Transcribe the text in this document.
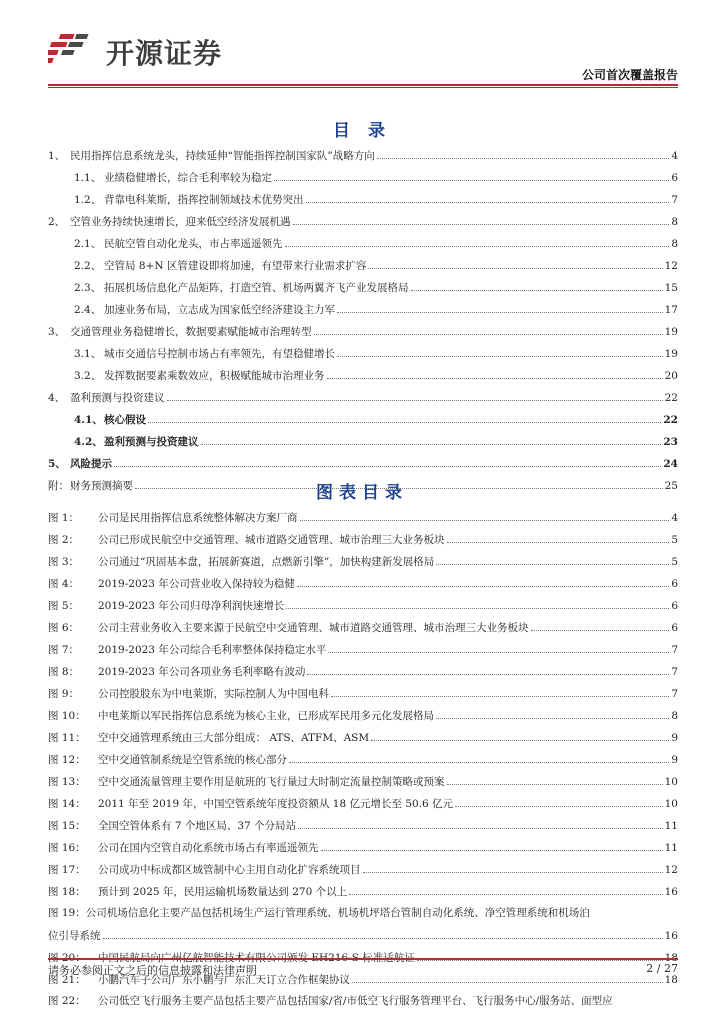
开源证券
公司首次覆盖报告
目 录
1、 民用指挥信息系统龙头，持续延伸“智能指挥控制国家队”战略方向	4
1.1、 业绩稳健增长，综合毛利率较为稳定	6
1.2、 背靠电科莱斯，指挥控制领域技术优势突出	7
2、 空管业务持续快速增长，迎来低空经济发展机遇	8
2.1、 民航空管自动化龙头，市占率遥遥领先	8
2.2、 空管局 8+N 区管建设即将加速，有望带来行业需求扩容	12
2.3、 拓展机场信息化产品矩阵，打造空管、机场两翼齐飞产业发展格局	15
2.4、 加速业务布局，立志成为国家低空经济建设主力军	17
3、 交通管理业务稳健增长，数据要素赋能城市治理转型	19
3.1、 城市交通信号控制市场占有率领先，有望稳健增长	19
3.2、 发挥数据要素乘数效应，积极赋能城市治理业务	20
4、 盈利预测与投资建议	22
4.1、 核心假设	22
4.2、 盈利预测与投资建议	23
5、 风险提示	24
附： 财务预测摘要	25
图表目录
图 1：	公司是民用指挥信息系统整体解决方案厂商	4
图 2：	公司已形成民航空中交通管理、城市道路交通管理、城市治理三大业务板块	5
图 3：	公司通过“巩固基本盘，拓展新赛道，点燃新引擎”，加快构建新发展格局	5
图 4：	2019-2023 年公司营业收入保持较为稳健	6
图 5：	2019-2023 年公司归母净利润快速增长	6
图 6：	公司主营业务收入主要来源于民航空中交通管理、城市道路交通管理、城市治理三大业务板块	6
图 7：	2019-2023 年公司综合毛利率整体保持稳定水平	7
图 8：	2019-2023 年公司各项业务毛利率略有波动	7
图 9：	公司控股股东为中电莱斯，实际控制人为中国电科	7
图 10：	中电莱斯以军民指挥信息系统为核心主业，已形成军民用多元化发展格局	8
图 11：	空中交通管理系统由三大部分组成： ATS、ATFM、ASM	9
图 12：	空中交通管制系统是空管系统的核心部分	9
图 13：	空中交通流量管理主要作用是航班的飞行量过大时制定流量控制策略或预案	10
图 14：	2011 年至 2019 年，中国空管系统年度投资额从 18 亿元增长至 50.6 亿元	10
图 15：	全国空管体系有 7 个地区局、37 个分局站	11
图 16：	公司在国内空管自动化系统市场占有率遥遥领先	11
图 17：	公司成功中标成都区域管制中心主用自动化扩容系统项目	12
图 18：	预计到 2025 年，民用运输机场数量达到 270 个以上	16
图 19：公司机场信息化主要产品包括机场生产运行管理系统、机场机坪塔台管制自动化系统、净空管理系统和机场泊
位引导系统	16
图 20：	中国民航局向广州亿航智能技术有限公司颁发 EH216-S 标准适航证	18
图 21：	小鹏汽车子公司广东小鹏与广东汇天订立合作框架协议	18
图 22：	公司低空飞行服务主要产品包括主要产品包括国家/省/市低空飞行服务管理平台、飞行服务中心/服务站、面型应
请务必参阅正文之后的信息披露和法律声明	2 / 27
